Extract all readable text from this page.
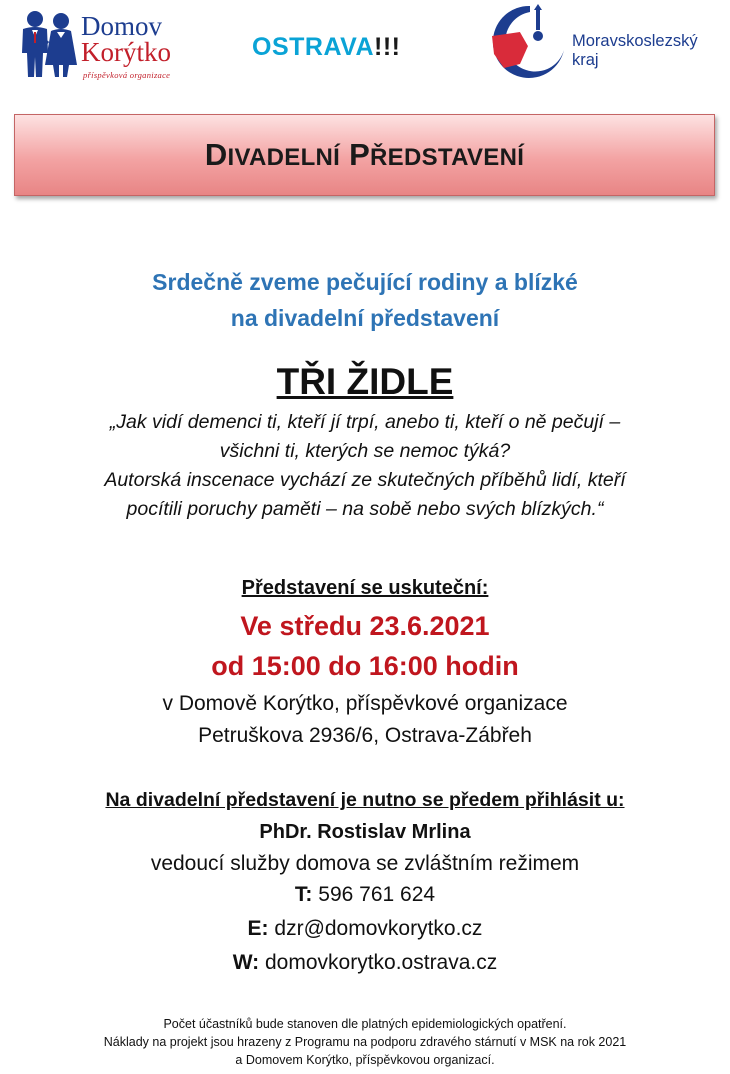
Domov
Korýtko
příspěvková organizace
OSTRAVA!!!	Moravskoslezský
kraj
DIVADELNÍ PŘEDSTAVENÍ
Srdečně zveme pečující rodiny a blízké
na divadelní představení
TŘI ŽIDLE
„Jak vidí demenci ti, kteří jí trpí, anebo ti, kteří o ně pečují –
všichni ti, kterých se nemoc týká?
Autorská inscenace vychází ze skutečných příběhů lidí, kteří
pocítili poruchy paměti – na sobě nebo svých blízkých.“
Představení se uskuteční:
Ve středu 23.6.2021
od 15:00 do 16:00 hodin
v Domově Korýtko, příspěvkové organizace
Petruškova 2936/6, Ostrava-Zábřeh
Na divadelní představení je nutno se předem přihlásit u:
PhDr. Rostislav Mrlina
vedoucí služby domova se zvláštním režimem
T: 596 761 624
E: dzr@domovkorytko.cz
W: domovkorytko.ostrava.cz
Počet účastníků bude stanoven dle platných epidemiologických opatření.
Náklady na projekt jsou hrazeny z Programu na podporu zdravého stárnutí v MSK na rok 2021
a Domovem Korýtko, příspěvkovou organizací.
